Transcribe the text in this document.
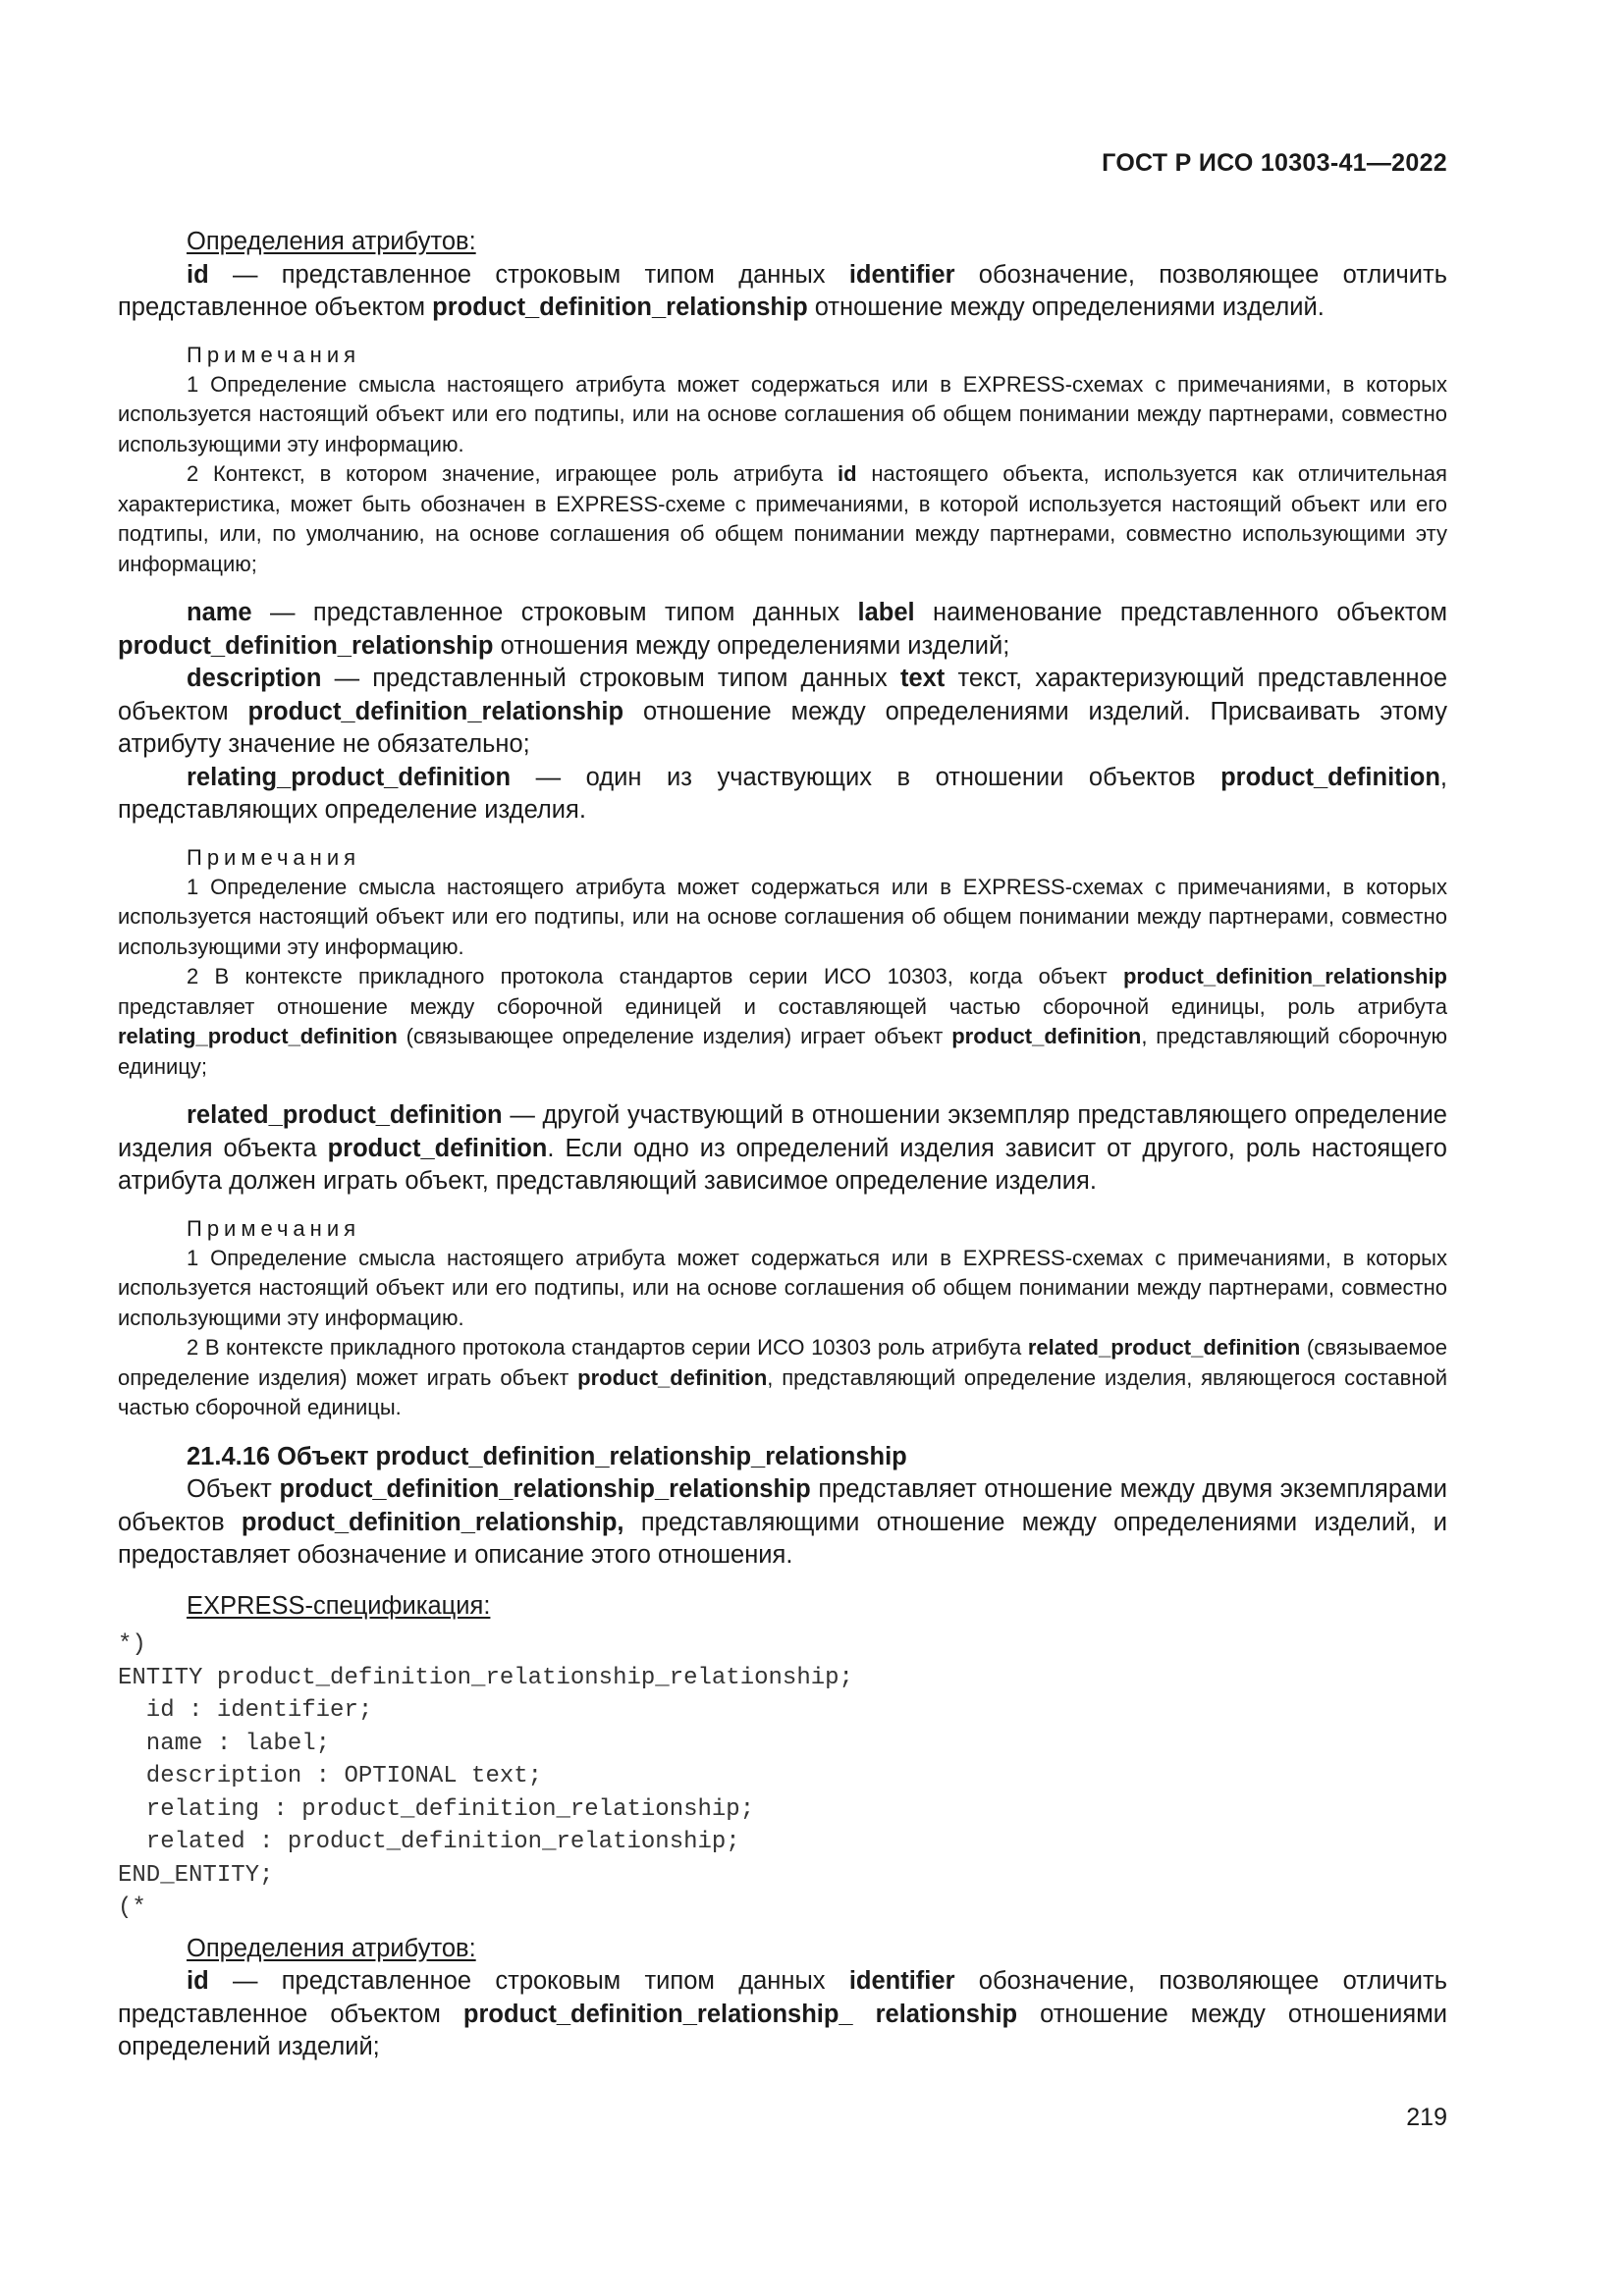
ГОСТ Р ИСО 10303-41—2022

Определения атрибутов:

id — представленное строковым типом данных identifier обозначение, позволяющее отличить представленное объектом product_definition_relationship отношение между определениями изделий.

Примечания

1 Определение смысла настоящего атрибута может содержаться или в EXPRESS-схемах с примечаниями, в которых используется настоящий объект или его подтипы, или на основе соглашения об общем понимании между партнерами, совместно использующими эту информацию.

2 Контекст, в котором значение, играющее роль атрибута id настоящего объекта, используется как отличительная характеристика, может быть обозначен в EXPRESS-схеме с примечаниями, в которой используется настоящий объект или его подтипы, или, по умолчанию, на основе соглашения об общем понимании между партнерами, совместно использующими эту информацию;

name — представленное строковым типом данных label наименование представленного объектом product_definition_relationship отношения между определениями изделий;

description — представленный строковым типом данных text текст, характеризующий представленное объектом product_definition_relationship отношение между определениями изделий. Присваивать этому атрибуту значение не обязательно;

relating_product_definition — один из участвующих в отношении объектов product_definition, представляющих определение изделия.

Примечания

1 Определение смысла настоящего атрибута может содержаться или в EXPRESS-схемах с примечаниями, в которых используется настоящий объект или его подтипы, или на основе соглашения об общем понимании между партнерами, совместно использующими эту информацию.

2 В контексте прикладного протокола стандартов серии ИСО 10303, когда объект product_definition_relationship представляет отношение между сборочной единицей и составляющей частью сборочной единицы, роль атрибута relating_product_definition (связывающее определение изделия) играет объект product_definition, представляющий сборочную единицу;

related_product_definition — другой участвующий в отношении экземпляр представляющего определение изделия объекта product_definition. Если одно из определений изделия зависит от другого, роль настоящего атрибута должен играть объект, представляющий зависимое определение изделия.

Примечания

1 Определение смысла настоящего атрибута может содержаться или в EXPRESS-схемах с примечаниями, в которых используется настоящий объект или его подтипы, или на основе соглашения об общем понимании между партнерами, совместно использующими эту информацию.

2 В контексте прикладного протокола стандартов серии ИСО 10303 роль атрибута related_product_definition (связываемое определение изделия) может играть объект product_definition, представляющий определение изделия, являющегося составной частью сборочной единицы.

21.4.16 Объект product_definition_relationship_relationship

Объект product_definition_relationship_relationship представляет отношение между двумя экземплярами объектов product_definition_relationship, представляющими отношение между определениями изделий, и предоставляет обозначение и описание этого отношения.

EXPRESS-спецификация:

*)
ENTITY product_definition_relationship_relationship;
id : identifier;
name : label;
description : OPTIONAL text;
relating : product_definition_relationship;
related : product_definition_relationship;
END_ENTITY;
(*

Определения атрибутов:

id — представленное строковым типом данных identifier обозначение, позволяющее отличить представленное объектом product_definition_relationship_ relationship отношение между отношениями определений изделий;

219
